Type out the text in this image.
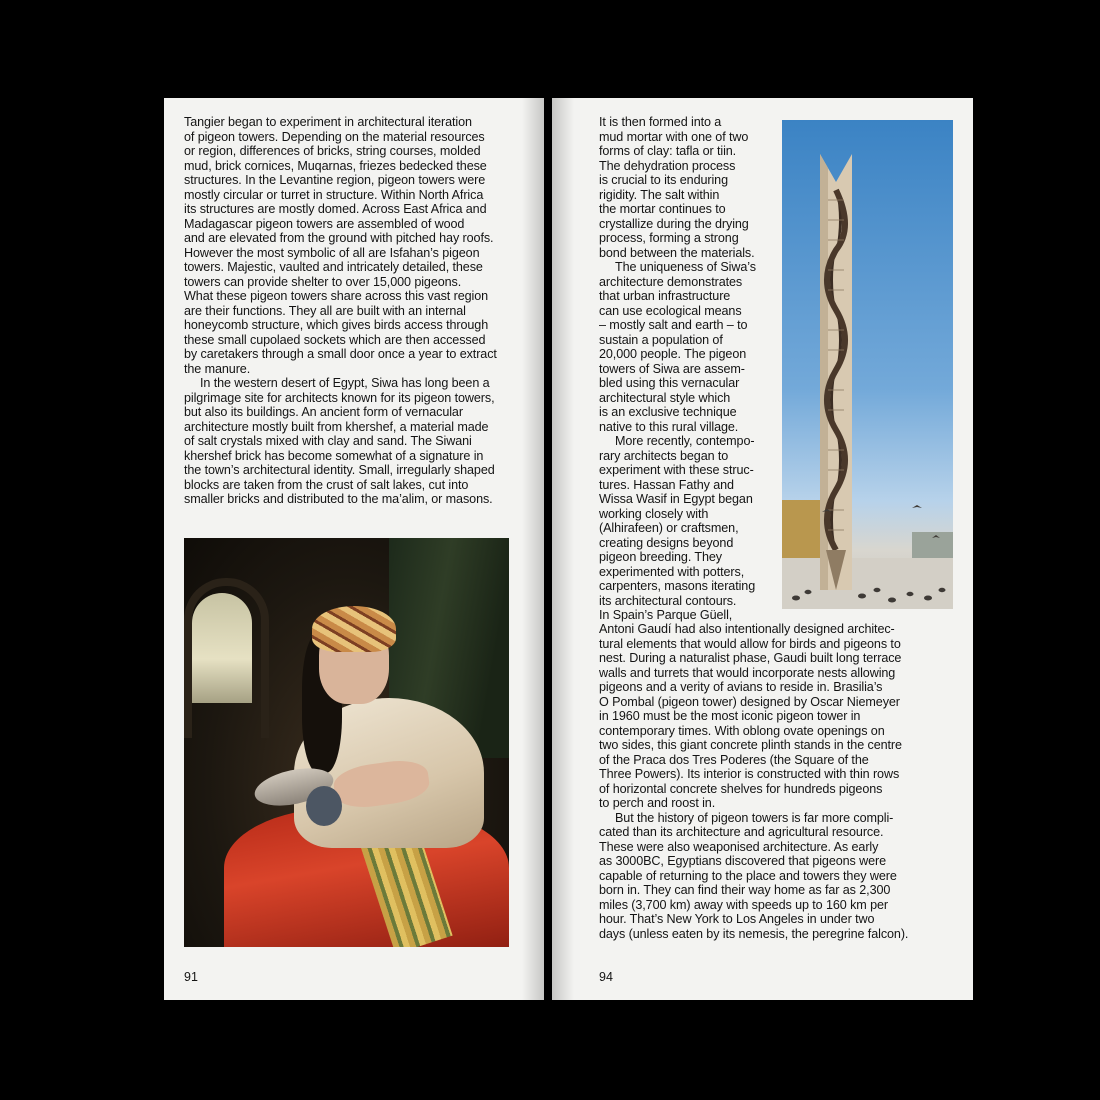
Tangier began to experiment in architectural iteration
of pigeon towers. Depending on the material resources
or region, differences of bricks, string courses, molded
mud, brick cornices, Muqarnas, friezes bedecked these
structures. In the Levantine region, pigeon towers were
mostly circular or turret in structure. Within North Africa
its structures are mostly domed. Across East Africa and
Madagascar pigeon towers are assembled of wood
and are elevated from the ground with pitched hay roofs.
However the most symbolic of all are Isfahan’s pigeon
towers. Majestic, vaulted and intricately detailed, these
towers can provide shelter to over 15,000 pigeons.
What these pigeon towers share across this vast region
are their functions. They all are built with an internal
honeycomb structure, which gives birds access through
these small cupolaed sockets which are then accessed
by caretakers through a small door once a year to extract
the manure.
In the western desert of Egypt, Siwa has long been a
pilgrimage site for architects known for its pigeon towers,
but also its buildings. An ancient form of vernacular
architecture mostly built from khershef, a material made
of salt crystals mixed with clay and sand. The Siwani
khershef brick has become somewhat of a signature in
the town’s architectural identity. Small, irregularly shaped
blocks are taken from the crust of salt lakes, cut into
smaller bricks and distributed to the ma’alim, or masons.
91
It is then formed into a
mud mortar with one of two
forms of clay: tafla or tiin.
The dehydration process
is crucial to its enduring
rigidity. The salt within
the mortar continues to
crystallize during the drying
process, forming a strong
bond between the materials.
The uniqueness of Siwa’s
architecture demonstrates
that urban infrastructure
can use ecological means
– mostly salt and earth – to
sustain a population of
20,000 people. The pigeon
towers of Siwa are assem-
bled using this vernacular
architectural style which
is an exclusive technique
native to this rural village.
More recently, contempo-
rary architects began to
experiment with these struc-
tures. Hassan Fathy and
Wissa Wasif in Egypt began
working closely with
(Alhirafeen) or craftsmen,
creating designs beyond
pigeon breeding. They
experimented with potters,
carpenters, masons iterating
its architectural contours.
In Spain’s Parque Güell,
Antoni Gaudí had also intentionally designed architec-
tural elements that would allow for birds and pigeons to
nest. During a naturalist phase, Gaudi built long terrace
walls and turrets that would incorporate nests allowing
pigeons and a verity of avians to reside in. Brasilia’s
O Pombal (pigeon tower) designed by Oscar Niemeyer
in 1960 must be the most iconic pigeon tower in
contemporary times. With oblong ovate openings on
two sides, this giant concrete plinth stands in the centre
of the Praca dos Tres Poderes (the Square of the
Three Powers). Its interior is constructed with thin rows
of horizontal concrete shelves for hundreds pigeons
to perch and roost in.
But the history of pigeon towers is far more compli-
cated than its architecture and agricultural resource.
These were also weaponised architecture. As early
as 3000BC, Egyptians discovered that pigeons were
capable of returning to the place and towers they were
born in. They can find their way home as far as 2,300
miles (3,700 km) away with speeds up to 160 km per
hour. That’s New York to Los Angeles in under two
days (unless eaten by its nemesis, the peregrine falcon).
94
